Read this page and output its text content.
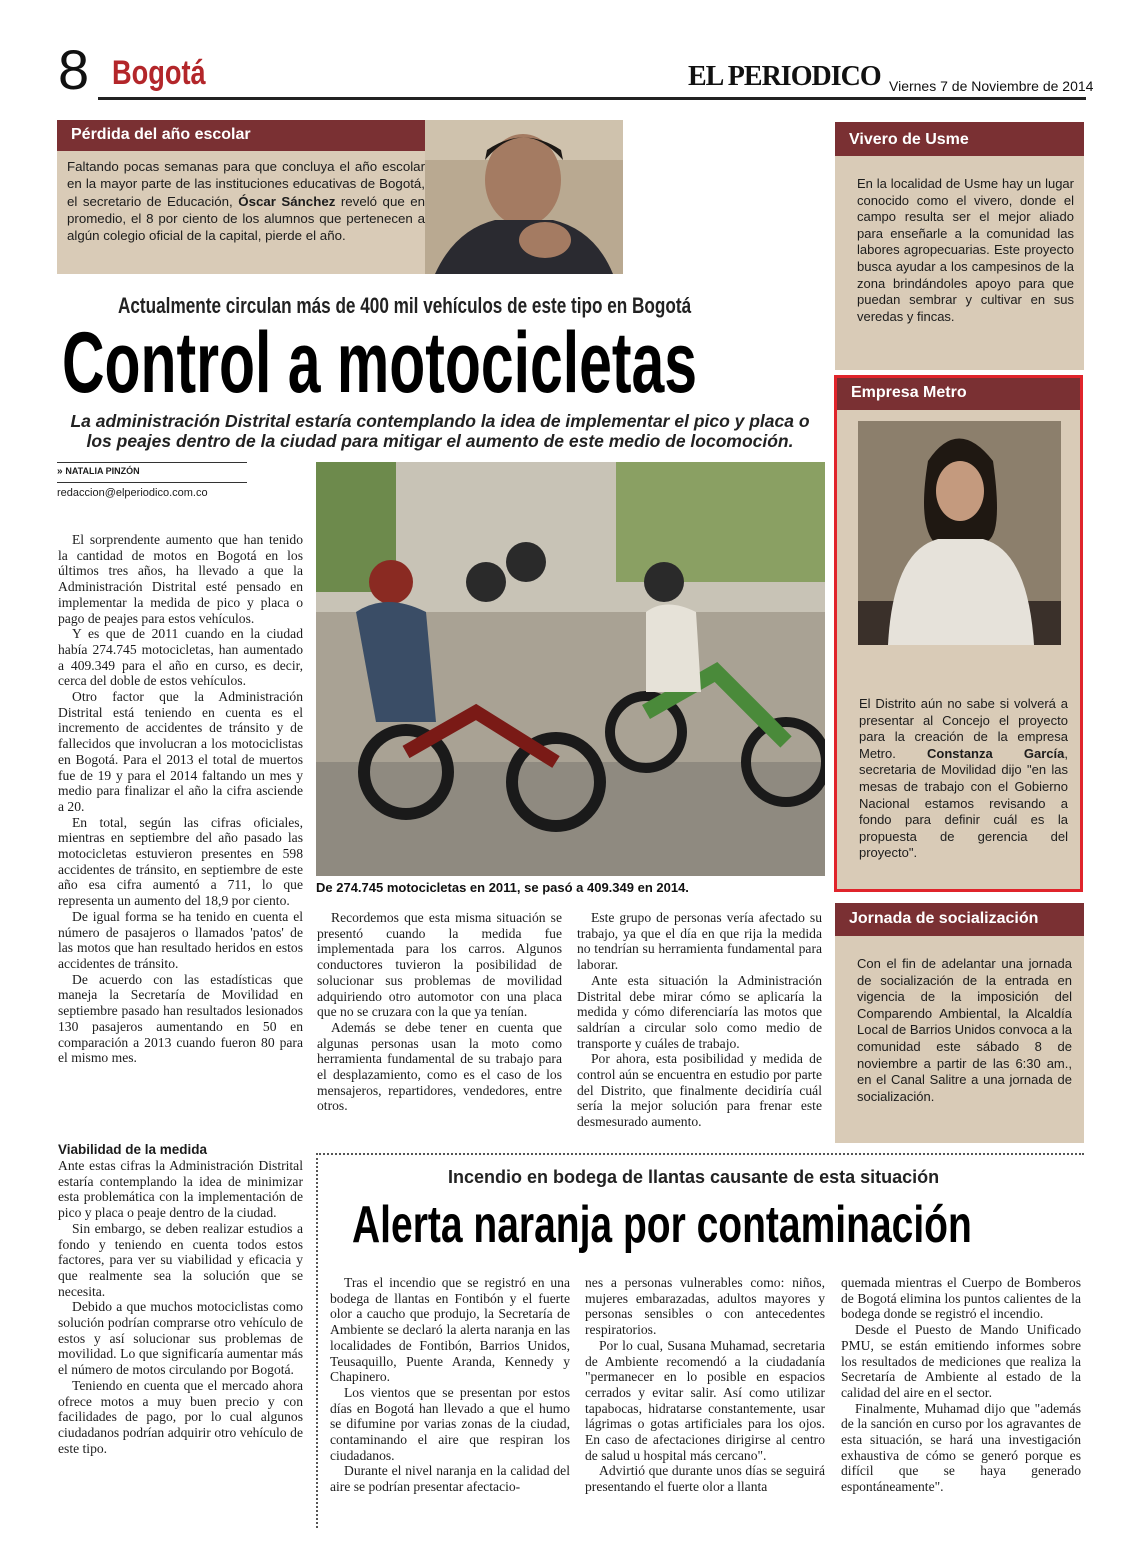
8 Bogotá	EL PERIODICO Viernes 7 de Noviembre de 2014
Pérdida del año escolar
Faltando pocas semanas para que concluya el año escolar en la mayor parte de las instituciones educativas de Bogotá, el secretario de Educación, Óscar Sánchez reveló que en promedio, el 8 por ciento de los alumnos que pertenecen a algún colegio oficial de la capital, pierde el año.
Vivero de Usme
En la localidad de Usme hay un lugar conocido como el vivero, donde el campo resulta ser el mejor aliado para enseñarle a la comunidad las labores agropecuarias. Este proyecto busca ayudar a los campesinos de la zona brindándoles apoyo para que puedan sembrar y cultivar en sus veredas y fincas.
Empresa Metro
El Distrito aún no sabe si volverá a presentar al Concejo el proyecto para la creación de la empresa Metro. Constanza García, secretaria de Movilidad dijo "en las mesas de trabajo con el Gobierno Nacional estamos revisando a fondo para definir cuál es la propuesta de gerencia del proyecto".
Jornada de socialización
Con el fin de adelantar una jornada de socialización de la entrada en vigencia de la imposición del Comparendo Ambiental, la Alcaldía Local de Barrios Unidos convoca a la comunidad este sábado 8 de noviembre a partir de las 6:30 am., en el Canal Salitre a una jornada de socialización.
Actualmente circulan más de 400 mil vehículos de este tipo en Bogotá
Control a motocicletas
La administración Distrital estaría contemplando la idea de implementar el pico y placa o los peajes dentro de la ciudad para mitigar el aumento de este medio de locomoción.
» NATALIA PINZÓN
redaccion@elperiodico.com.co
De 274.745 motocicletas en 2011, se pasó a 409.349 en 2014.

El sorprendente aumento que han tenido la cantidad de motos en Bogotá en los últimos tres años, ha llevado a que la Administración Distrital esté pensado en implementar la medida de pico y placa o pago de peajes para estos vehículos.

Y es que de 2011 cuando en la ciudad había 274.745 motocicletas, han aumentado a 409.349 para el año en curso, es decir, cerca del doble de estos vehículos.

Otro factor que la Administración Distrital está teniendo en cuenta es el incremento de accidentes de tránsito y de fallecidos que involucran a los motociclistas en Bogotá. Para el 2013 el total de muertos fue de 19 y para el 2014 faltando un mes y medio para finalizar el año la cifra asciende a 20.

En total, según las cifras oficiales, mientras en septiembre del año pasado las motocicletas estuvieron presentes en 598 accidentes de tránsito, en septiembre de este año esa cifra aumentó a 711, lo que representa un aumento del 18,9 por ciento.

De igual forma se ha tenido en cuenta el número de pasajeros o llamados 'patos' de las motos que han resultado heridos en estos accidentes de tránsito.

De acuerdo con las estadísticas que maneja la Secretaría de Movilidad en septiembre pasado han resultados lesionados 130 pasajeros aumentando en 50 en comparación a 2013 cuando fueron 80 para el mismo mes.

Viabilidad de la medida

Ante estas cifras la Administración Distrital estaría contemplando la idea de minimizar esta problemática con la implementación de pico y placa o peaje dentro de la ciudad.

Sin embargo, se deben realizar estudios a fondo y teniendo en cuenta todos estos factores, para ver su viabilidad y eficacia y que realmente sea la solución que se necesita.

Debido a que muchos motociclistas como solución podrían comprarse otro vehículo de estos y así solucionar sus problemas de movilidad. Lo que significaría aumentar más el número de motos circulando por Bogotá.

Teniendo en cuenta que el mercado ahora ofrece motos a muy buen precio y con facilidades de pago, por lo cual algunos ciudadanos podrían adquirir otro vehículo de este tipo.

Recordemos que esta misma situación se presentó cuando la medida fue implementada para los carros. Algunos conductores tuvieron la posibilidad de solucionar sus problemas de movilidad adquiriendo otro automotor con una placa que no se cruzara con la que ya tenían.

Además se debe tener en cuenta que algunas personas usan la moto como herramienta fundamental de su trabajo para el desplazamiento, como es el caso de los mensajeros, repartidores, vendedores, entre otros.

Este grupo de personas vería afectado su trabajo, ya que el día en que rija la medida no tendrían su herramienta fundamental para laborar.

Ante esta situación la Administración Distrital debe mirar cómo se aplicaría la medida y cómo diferenciaría las motos que saldrían a circular solo como medio de transporte y cuáles de trabajo.

Por ahora, esta posibilidad y medida de control aún se encuentra en estudio por parte del Distrito, que finalmente decidiría cuál sería la mejor solución para frenar este desmesurado aumento.

Incendio en bodega de llantas causante de esta situación
Alerta naranja por contaminación

Tras el incendio que se registró en una bodega de llantas en Fontibón y el fuerte olor a caucho que produjo, la Secretaría de Ambiente se declaró la alerta naranja en las localidades de Fontibón, Barrios Unidos, Teusaquillo, Puente Aranda, Kennedy y Chapinero.

Los vientos que se presentan por estos días en Bogotá han llevado a que el humo se difumine por varias zonas de la ciudad, contaminando el aire que respiran los ciudadanos.

Durante el nivel naranja en la calidad del aire se podrían presentar afectacio-

nes a personas vulnerables como: niños, mujeres embarazadas, adultos mayores y personas sensibles o con antecedentes respiratorios.

Por lo cual, Susana Muhamad, secretaria de Ambiente recomendó a la ciudadanía "permanecer en lo posible en espacios cerrados y evitar salir. Así como utilizar tapabocas, hidratarse constantemente, usar lágrimas o gotas artificiales para los ojos. En caso de afectaciones dirigirse al centro de salud u hospital más cercano".

Advirtió que durante unos días se seguirá presentando el fuerte olor a llanta

quemada mientras el Cuerpo de Bomberos de Bogotá elimina los puntos calientes de la bodega donde se registró el incendio.

Desde el Puesto de Mando Unificado PMU, se están emitiendo informes sobre los resultados de mediciones que realiza la Secretaría de Ambiente al estado de la calidad del aire en el sector.

Finalmente, Muhamad dijo que "además de la sanción en curso por los agravantes de esta situación, se hará una investigación exhaustiva de cómo se generó porque es difícil que se haya generado espontáneamente".
